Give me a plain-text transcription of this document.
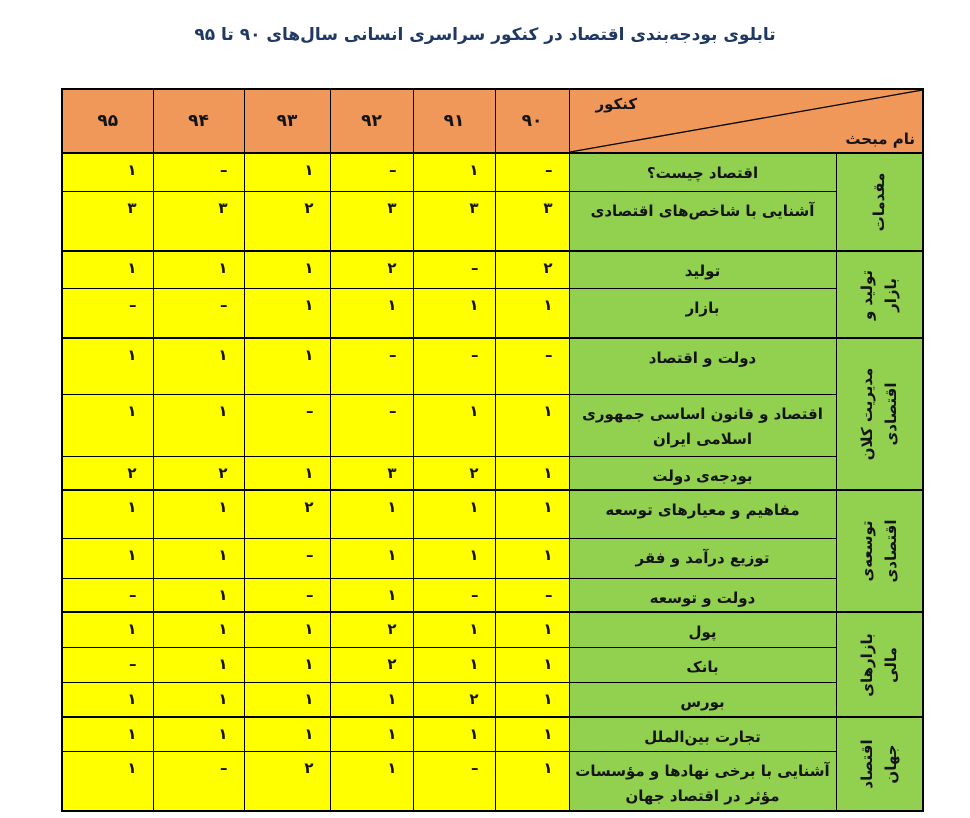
تابلوی بودجه‌بندی اقتصاد در کنکور سراسری انسانی سال‌های ۹۰ تا ۹۵
کنکور
نام مبحث		۹۰	۹۱	۹۲	۹۳	۹۴	۹۵

مقدمات	اقتصاد چیست؟	–	۱	–	۱	–	۱

	آشنایی با شاخص‌های اقتصادی	۳	۳	۳	۲	۳	۳

تولید و بازار	تولید	۲	–	۲	۱	۱	۱

	بازار	۱	۱	۱	۱	–	–

مدیریت کلان اقتصادی	دولت و اقتصاد	–	–	–	۱	۱	۱

	اقتصاد و قانون اساسی جمهوری
اسلامی ایران	۱	۱	–	–	۱	۱

	بودجه‌ی دولت	۱	۲	۳	۱	۲	۲

توسعه‌ی اقتصادی	مفاهیم و معیارهای توسعه	۱	۱	۱	۲	۱	۱

	توزیع درآمد و فقر	۱	۱	۱	–	۱	۱

	دولت و توسعه	–	–	۱	–	۱	–

بازارهای مالی	پول	۱	۱	۲	۱	۱	۱

	بانک	۱	۱	۲	۱	۱	–

	بورس	۱	۲	۱	۱	۱	۱

اقتصاد جهان	تجارت بین‌الملل	۱	۱	۱	۱	۱	۱

	آشنایی با برخی نهادها و مؤسسات
مؤثر در اقتصاد جهان	۱	–	۱	۲	–	۱
